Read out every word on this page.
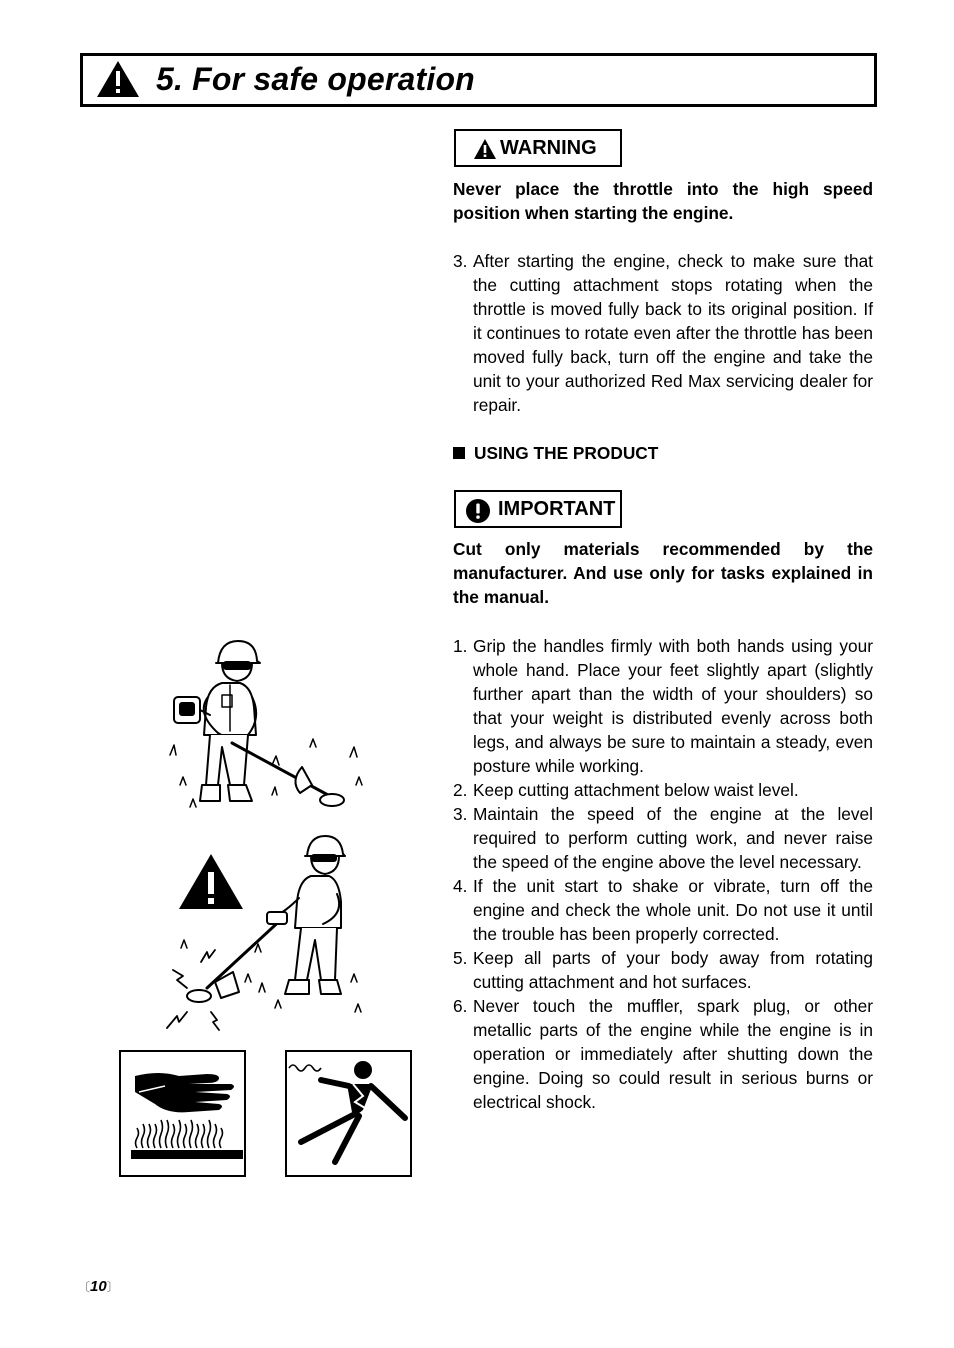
5. For safe operation
WARNING
Never place the throttle into the high speed position when starting the engine.
3. After starting the engine, check to make sure that the cutting attachment stops rotating when the throttle is moved fully back to its original position. If it continues to rotate even after the throttle has been moved fully back, turn off the engine and take the unit to your authorized Red Max servicing dealer for repair.
USING THE PRODUCT
IMPORTANT
Cut only materials recommended by the manufacturer. And use only for tasks explained in the manual.
1. Grip the handles firmly with both hands using your whole hand. Place your feet slightly apart (slightly further apart than the width of your shoulders) so that your weight is distributed evenly across both legs, and always be sure to maintain a steady, even posture while working.
2. Keep cutting attachment below waist level.
3. Maintain the speed of the engine at the level required to perform cutting work, and never raise the speed of the engine above the level necessary.
4. If the unit start to shake or vibrate, turn off the engine and check the whole unit. Do not use it until the trouble has been properly corrected.
5. Keep all parts of your body away from rotating cutting attachment and hot surfaces.
6. Never touch the muffler, spark plug, or other metallic parts of the engine while the engine is in operation or immediately after shutting down the engine. Doing so could result in serious burns or electrical shock.
〔10〕
